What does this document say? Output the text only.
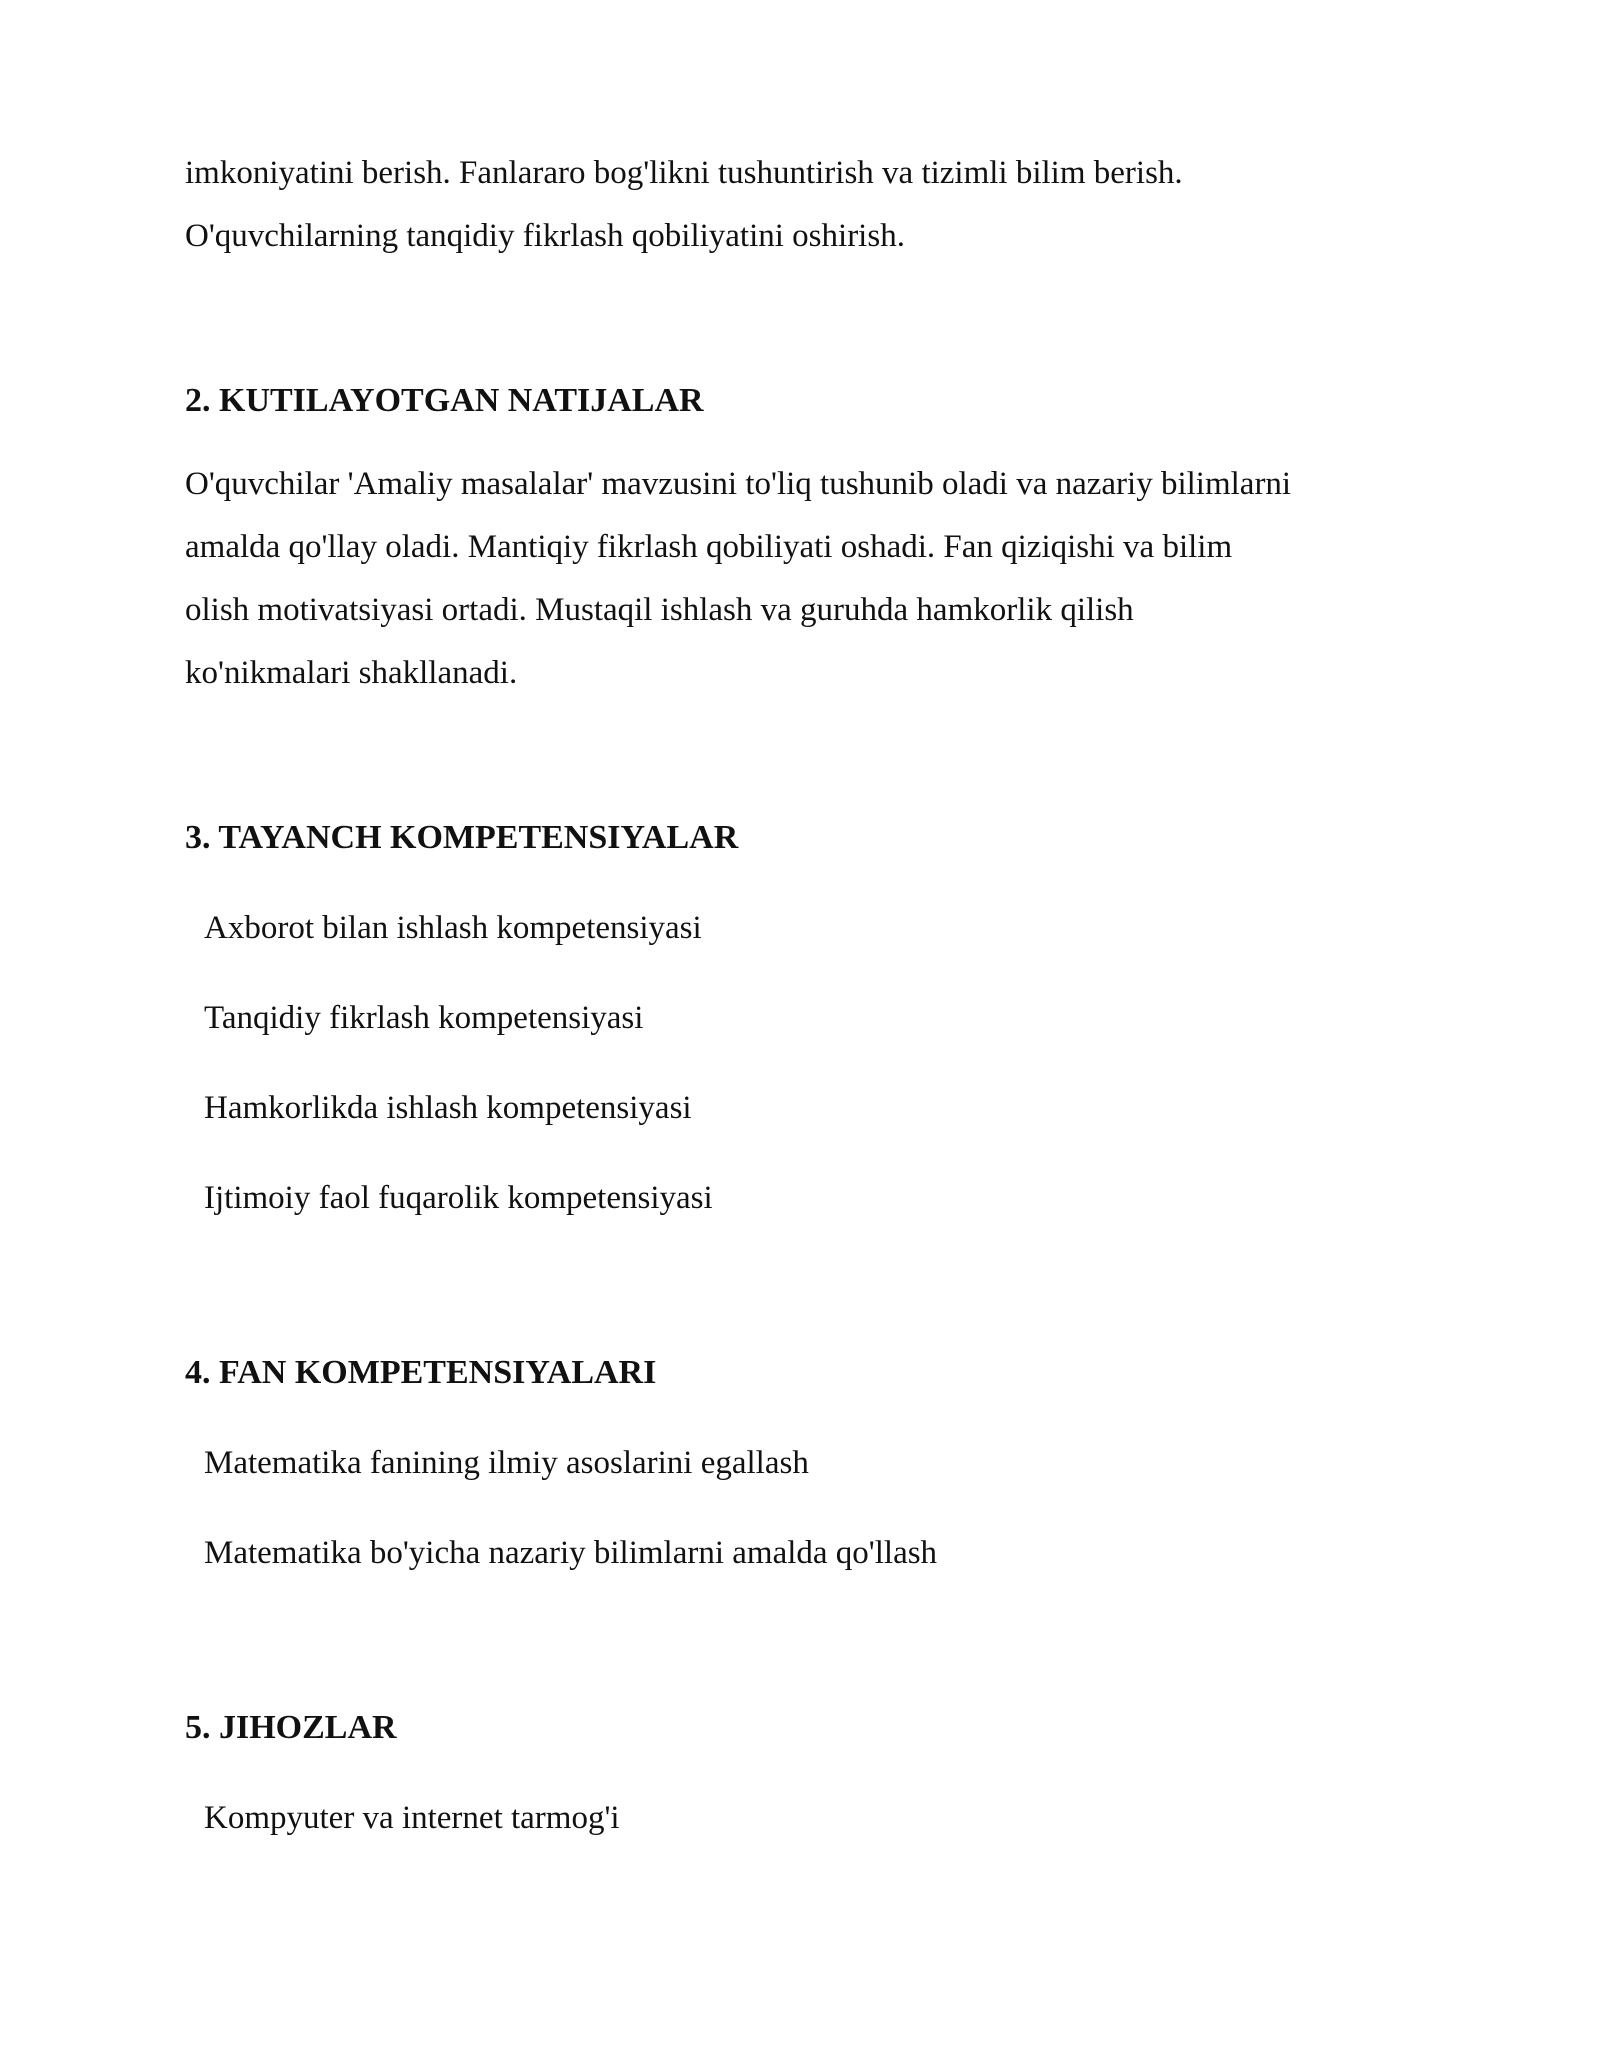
imkoniyatini berish. Fanlararo bog'likni tushuntirish va tizimli bilim berish.
O'quvchilarning tanqidiy fikrlash qobiliyatini oshirish.

2. KUTILAYOTGAN NATIJALAR

O'quvchilar 'Amaliy masalalar' mavzusini to'liq tushunib oladi va nazariy bilimlarni
amalda qo'llay oladi. Mantiqiy fikrlash qobiliyati oshadi. Fan qiziqishi va bilim
olish motivatsiyasi ortadi. Mustaqil ishlash va guruhda hamkorlik qilish
ko'nikmalari shakllanadi.

3. TAYANCH KOMPETENSIYALAR
Axborot bilan ishlash kompetensiyasi
Tanqidiy fikrlash kompetensiyasi
Hamkorlikda ishlash kompetensiyasi
Ijtimoiy faol fuqarolik kompetensiyasi
4. FAN KOMPETENSIYALARI
Matematika fanining ilmiy asoslarini egallash
Matematika bo'yicha nazariy bilimlarni amalda qo'llash
5. JIHOZLAR
Kompyuter va internet tarmog'i
